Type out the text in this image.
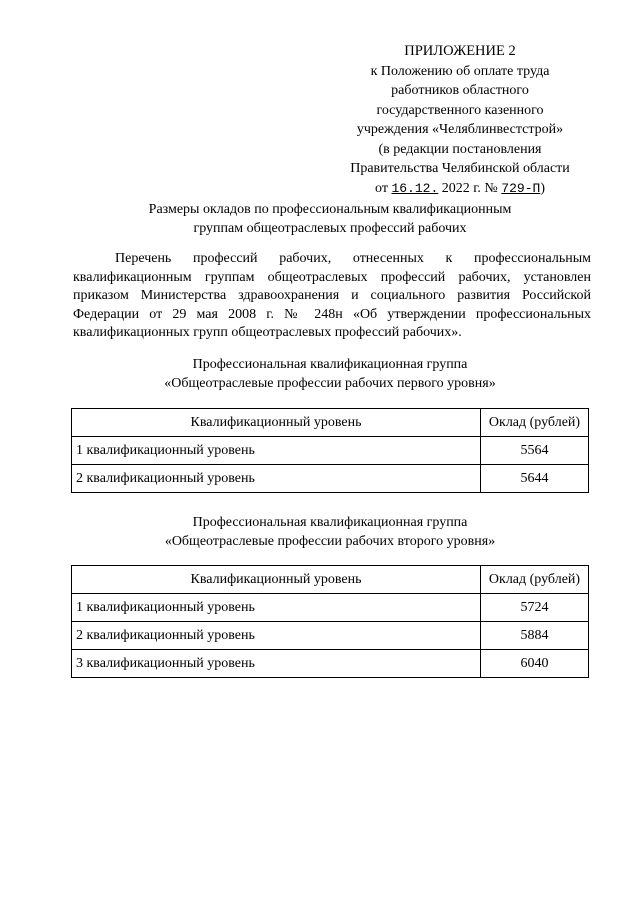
ПРИЛОЖЕНИЕ 2
к Положению об оплате труда
работников областного
государственного казенного
учреждения «Челяблинвестстрой»
(в редакции постановления
Правительства Челябинской области
от 16.12. 2022 г. № 729-П)
Размеры окладов по профессиональным квалификационным
группам общеотраслевых профессий рабочих
Перечень профессий рабочих, отнесенных к профессиональным квалификационным группам общеотраслевых профессий рабочих, установлен приказом Министерства здравоохранения и социального развития Российской Федерации от 29 мая 2008 г. № 248н «Об утверждении профессиональных квалификационных групп общеотраслевых профессий рабочих».
Профессиональная квалификационная группа
«Общеотраслевые профессии рабочих первого уровня»
Квалификационный уровень	Оклад (рублей)
1 квалификационный уровень	5564
2 квалификационный уровень	5644
Профессиональная квалификационная группа
«Общеотраслевые профессии рабочих второго уровня»
Квалификационный уровень	Оклад (рублей)
1 квалификационный уровень	5724
2 квалификационный уровень	5884
3 квалификационный уровень	6040
